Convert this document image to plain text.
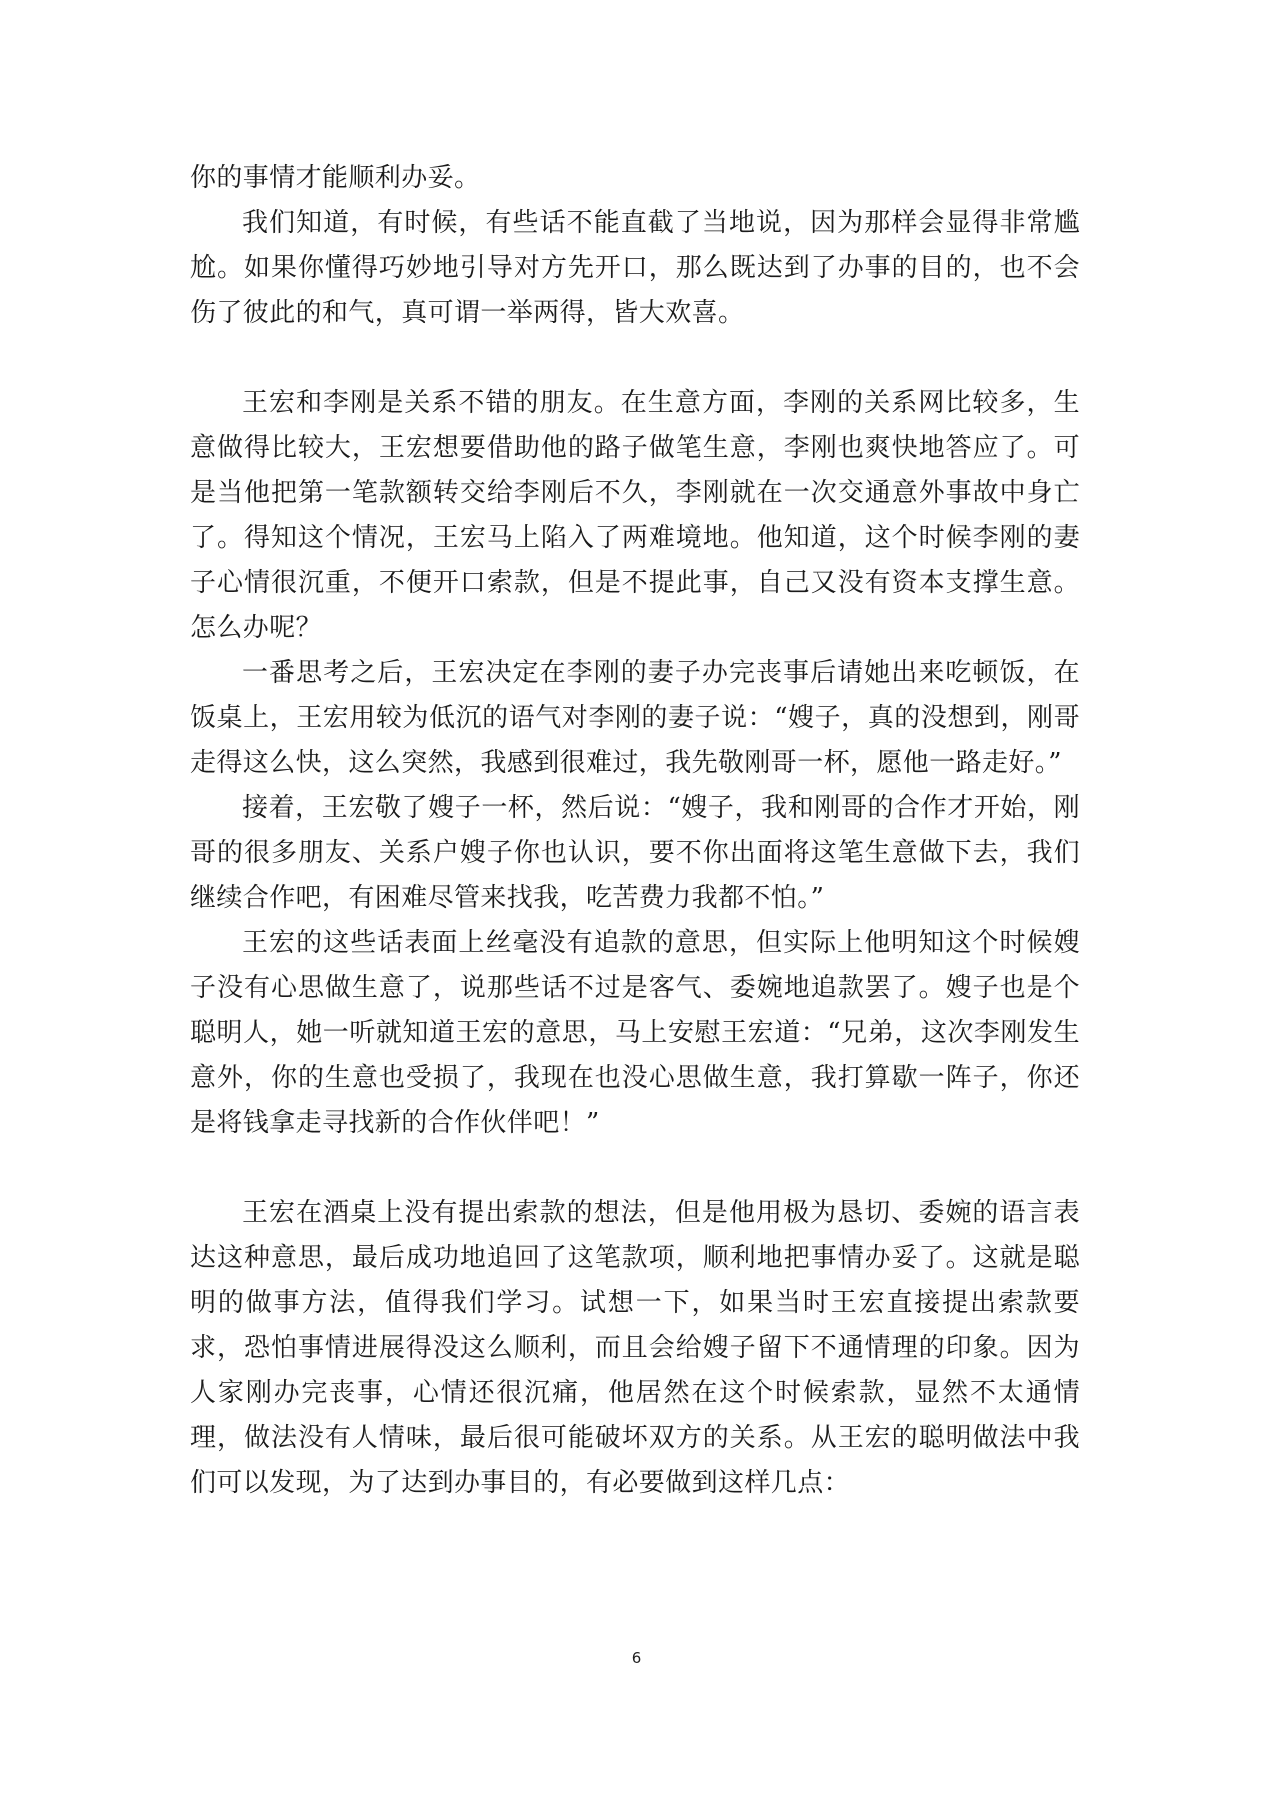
你的事情才能顺利办妥。

我们知道，有时候，有些话不能直截了当地说，因为那样会显得非常尴尬。如果你懂得巧妙地引导对方先开口，那么既达到了办事的目的，也不会伤了彼此的和气，真可谓一举两得，皆大欢喜。

王宏和李刚是关系不错的朋友。在生意方面，李刚的关系网比较多，生意做得比较大，王宏想要借助他的路子做笔生意，李刚也爽快地答应了。可是当他把第一笔款额转交给李刚后不久，李刚就在一次交通意外事故中身亡了。得知这个情况，王宏马上陷入了两难境地。他知道，这个时候李刚的妻子心情很沉重，不便开口索款，但是不提此事，自己又没有资本支撑生意。怎么办呢？

一番思考之后，王宏决定在李刚的妻子办完丧事后请她出来吃顿饭，在饭桌上，王宏用较为低沉的语气对李刚的妻子说：“嫂子，真的没想到，刚哥走得这么快，这么突然，我感到很难过，我先敬刚哥一杯，愿他一路走好。”

接着，王宏敬了嫂子一杯，然后说：“嫂子，我和刚哥的合作才开始，刚哥的很多朋友、关系户嫂子你也认识，要不你出面将这笔生意做下去，我们继续合作吧，有困难尽管来找我，吃苦费力我都不怕。”

王宏的这些话表面上丝毫没有追款的意思，但实际上他明知这个时候嫂子没有心思做生意了，说那些话不过是客气、委婉地追款罢了。嫂子也是个聪明人，她一听就知道王宏的意思，马上安慰王宏道：“兄弟，这次李刚发生意外，你的生意也受损了，我现在也没心思做生意，我打算歇一阵子，你还是将钱拿走寻找新的合作伙伴吧！”

王宏在酒桌上没有提出索款的想法，但是他用极为恳切、委婉的语言表达这种意思，最后成功地追回了这笔款项，顺利地把事情办妥了。这就是聪明的做事方法，值得我们学习。试想一下，如果当时王宏直接提出索款要求，恐怕事情进展得没这么顺利，而且会给嫂子留下不通情理的印象。因为人家刚办完丧事，心情还很沉痛，他居然在这个时候索款，显然不太通情理，做法没有人情味，最后很可能破坏双方的关系。从王宏的聪明做法中我们可以发现，为了达到办事目的，有必要做到这样几点：

6
